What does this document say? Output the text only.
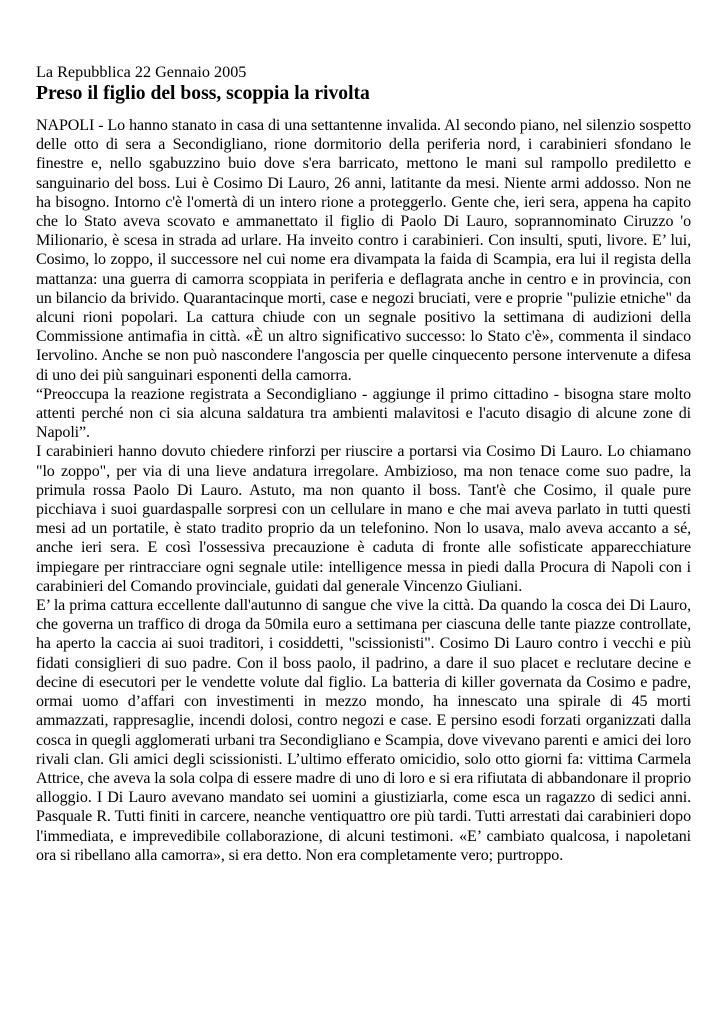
La Repubblica 22 Gennaio 2005

Preso il figlio del boss, scoppia la rivolta

NAPOLI - Lo hanno stanato in casa di una settantenne invalida. Al secondo piano, nel silenzio sospetto delle otto di sera a Secondigliano, rione dormitorio della periferia nord, i carabinieri sfondano le finestre e, nello sgabuzzino buio dove s'era barricato, mettono le mani sul rampollo prediletto e sanguinario del boss. Lui è Cosimo Di Lauro, 26 anni, latitante da mesi. Niente armi addosso. Non ne ha bisogno. Intorno c'è l'omertà di un intero rione a proteggerlo. Gente che, ieri sera, appena ha capito che lo Stato aveva scovato e ammanettato il figlio di Paolo Di Lauro, soprannominato Ciruzzo 'o Milionario, è scesa in strada ad urlare. Ha inveito contro i carabinieri. Con insulti, sputi, livore. E’ lui, Cosimo, lo zoppo, il successore nel cui nome era divampata la faida di Scampia, era lui il regista della mattanza: una guerra di camorra scoppiata in periferia e deflagrata anche in centro e in provincia, con un bilancio da brivido. Quarantacinque morti, case e negozi bruciati, vere e proprie "pulizie etniche" da alcuni rioni popolari. La cattura chiude con un segnale positivo la settimana di audizioni della Commissione antimafia in città. «È un altro significativo successo: lo Stato c'è», commenta il sindaco Iervolino. Anche se non può nascondere l'angoscia per quelle cinquecento persone intervenute a difesa di uno dei più sanguinari esponenti della camorra.

“Preoccupa la reazione registrata a Secondigliano - aggiunge il primo cittadino - bisogna stare molto attenti perché non ci sia alcuna saldatura tra ambienti malavitosi e l'acuto disagio di alcune zone di Napoli”.

I carabinieri hanno dovuto chiedere rinforzi per riuscire a portarsi via Cosimo Di Lauro. Lo chiamano "lo zoppo", per via di una lieve andatura irregolare. Ambizioso, ma non tenace come suo padre, la primula rossa Paolo Di Lauro. Astuto, ma non quanto il boss. Tant'è che Cosimo, il quale pure picchiava i suoi guardaspalle sorpresi con un cellulare in mano e che mai aveva parlato in tutti questi mesi ad un portatile, è stato tradito proprio da un telefonino. Non lo usava, malo aveva accanto a sé, anche ieri sera. E così l'ossessiva precauzione è caduta di fronte alle sofisticate apparecchiature impiegare per rintracciare ogni segnale utile: intelligence messa in piedi dalla Procura di Napoli con i carabinieri del Comando provinciale, guidati dal generale Vincenzo Giuliani.

E’ la prima cattura eccellente dall'autunno di sangue che vive la città. Da quando la cosca dei Di Lauro, che governa un traffico di droga da 50mila euro a settimana per ciascuna delle tante piazze controllate, ha aperto la caccia ai suoi traditori, i cosiddetti, "scissionisti". Cosimo Di Lauro contro i vecchi e più fidati consiglieri di suo padre. Con il boss paolo, il padrino, a dare il suo placet e reclutare decine e decine di esecutori per le vendette volute dal figlio. La batteria di killer governata da Cosimo e padre, ormai uomo d’affari con investimenti in mezzo mondo, ha innescato una spirale di 45 morti ammazzati, rappresaglie, incendi dolosi, contro negozi e case. E persino esodi forzati organizzati dalla cosca in quegli agglomerati urbani tra Secondigliano e Scampia, dove vivevano parenti e amici dei loro rivali clan. Gli amici degli scissionisti. L’ultimo efferato omicidio, solo otto giorni fa: vittima Carmela Attrice, che aveva la sola colpa di essere madre di uno di loro e si era rifiutata di abbandonare il proprio alloggio. I Di Lauro avevano mandato sei uomini a giustiziarla, come esca un ragazzo di sedici anni. Pasquale R. Tutti finiti in carcere, neanche ventiquattro ore più tardi. Tutti arrestati dai carabinieri dopo l'immediata, e imprevedibile collaborazione, di alcuni testimoni. «E’ cambiato qualcosa, i napoletani ora si ribellano alla camorra», si era detto. Non era completamente vero; purtroppo.
